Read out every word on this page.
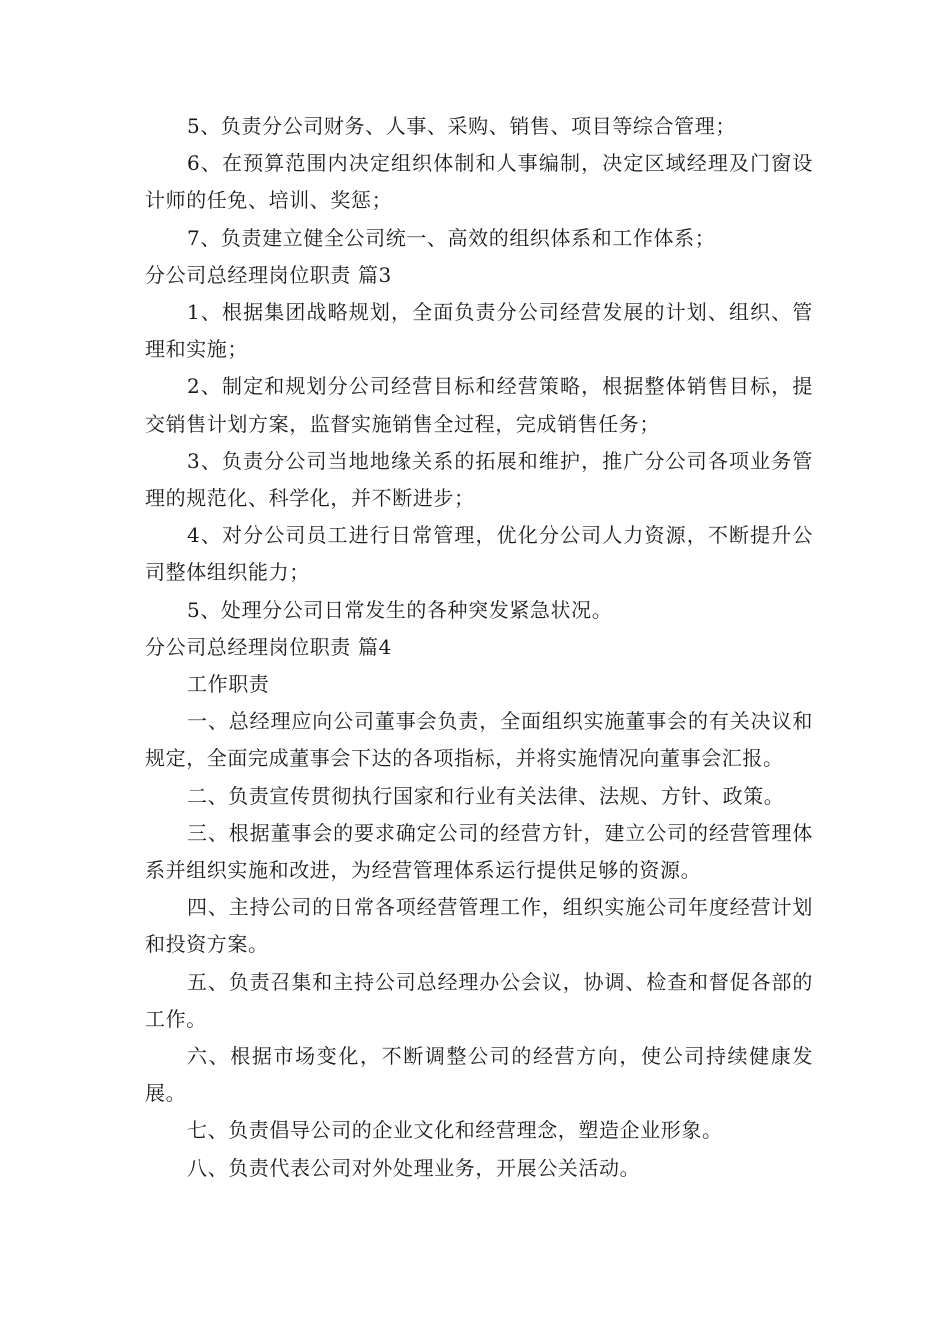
5、负责分公司财务、人事、采购、销售、项目等综合管理；

6、在预算范围内决定组织体制和人事编制，决定区域经理及门窗设计师的任免、培训、奖惩；

7、负责建立健全公司统一、高效的组织体系和工作体系；

分公司总经理岗位职责 篇3

1、根据集团战略规划，全面负责分公司经营发展的计划、组织、管理和实施；

2、制定和规划分公司经营目标和经营策略，根据整体销售目标，提交销售计划方案，监督实施销售全过程，完成销售任务；

3、负责分公司当地地缘关系的拓展和维护，推广分公司各项业务管理的规范化、科学化，并不断进步；

4、对分公司员工进行日常管理，优化分公司人力资源，不断提升公司整体组织能力；

5、处理分公司日常发生的各种突发紧急状况。

分公司总经理岗位职责 篇4

工作职责

一、总经理应向公司董事会负责，全面组织实施董事会的有关决议和规定，全面完成董事会下达的各项指标，并将实施情况向董事会汇报。

二、负责宣传贯彻执行国家和行业有关法律、法规、方针、政策。

三、根据董事会的要求确定公司的经营方针，建立公司的经营管理体系并组织实施和改进，为经营管理体系运行提供足够的资源。

四、主持公司的日常各项经营管理工作，组织实施公司年度经营计划和投资方案。

五、负责召集和主持公司总经理办公会议，协调、检查和督促各部的工作。

六、根据市场变化，不断调整公司的经营方向，使公司持续健康发展。

七、负责倡导公司的企业文化和经营理念，塑造企业形象。

八、负责代表公司对外处理业务，开展公关活动。
